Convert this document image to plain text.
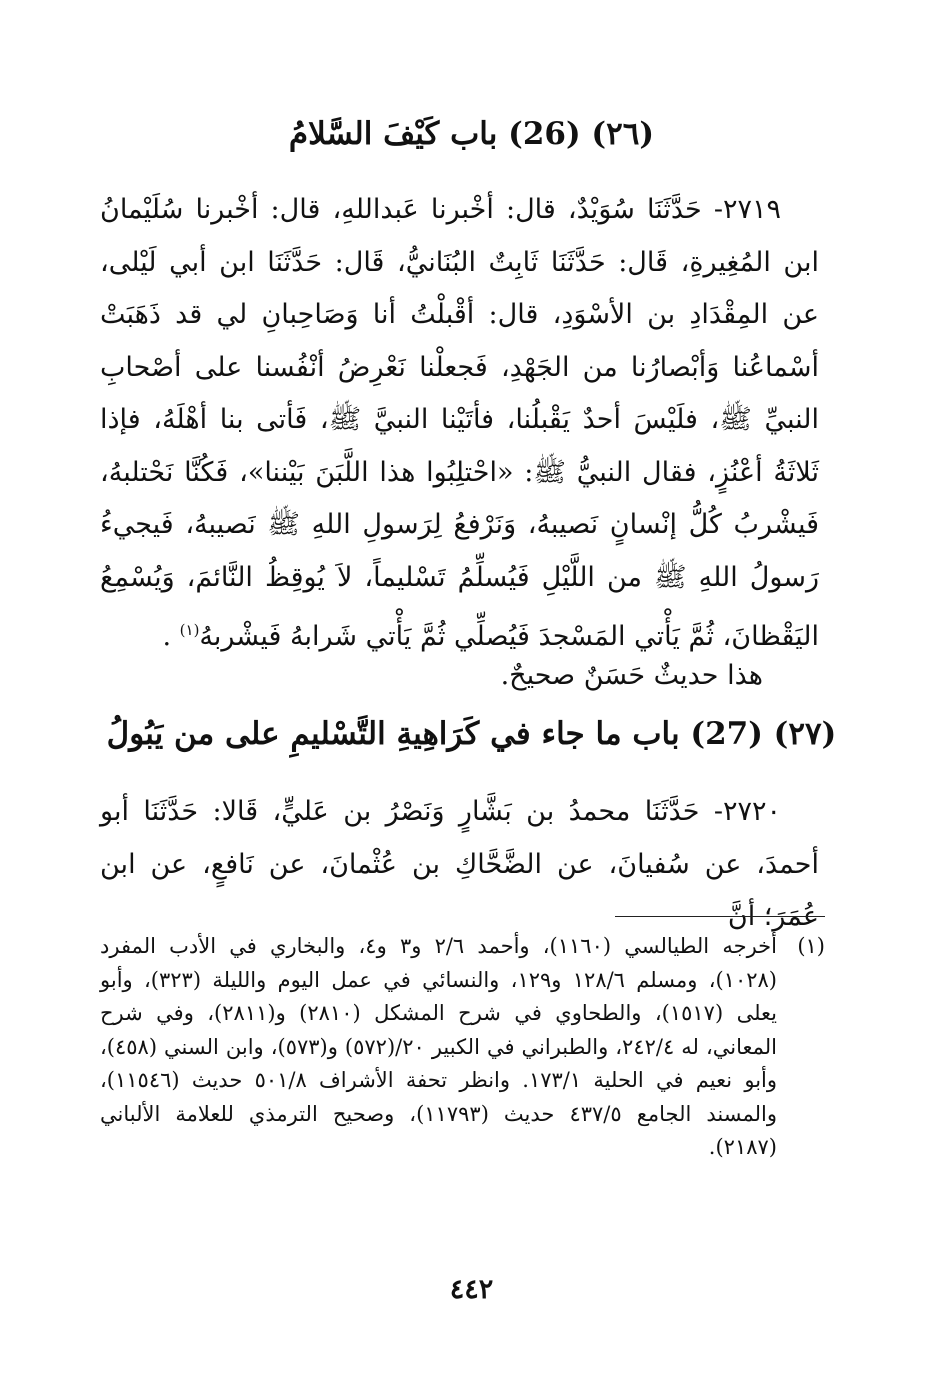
(٢٦) (26) باب كَيْفَ السَّلامُ
٢٧١٩- حَدَّثَنَا سُوَيْدٌ، قال: أخْبرنا عَبداللهِ، قال: أخْبرنا سُلَيْمانُ ابن المُغِيرةِ، قَال: حَدَّثَنَا ثَابِتٌ البُنَانيُّ، قَال: حَدَّثَنَا ابن أبي لَيْلى، عن المِقْدَادِ بن الأسْوَدِ، قال: أقْبلْتُ أنا وَصَاحِبانِ لي قد ذَهَبَتْ أسْماعُنا وَأبْصارُنا من الجَهْدِ، فَجعلْنا نَعْرِضُ أنْفُسنا على أصْحابِ النبيِّ ﷺ، فلَيْسَ أحدٌ يَقْبلُنا، فأتَيْنا النبيَّ ﷺ، فَأتى بنا أهْلَهُ، فإذا ثَلاثَةُ أعْنُزٍ، فقال النبيُّ ﷺ: «احْتلِبُوا هذا اللَّبَنَ بَيْننا»، فَكُنَّا نَحْتلبهُ، فَيشْربُ كُلُّ إنْسانٍ نَصيبهُ، وَنَرْفعُ لِرَسولِ اللهِ ﷺ نَصيبهُ، فَيجيءُ رَسولُ اللهِ ﷺ من اللَّيْلِ فَيُسلِّمُ تَسْليماً، لاَ يُوقِظُ النَّائمَ، وَيُسْمِعُ اليَقْظانَ، ثُمَّ يَأْتي المَسْجدَ فَيُصلِّي ثُمَّ يَأْتي شَرابهُ فَيشْربهُ$^{(١)}$ .
هذا حديثٌ حَسَنٌ صحيحٌ.
(٢٧) (27) باب ما جاء في كَرَاهِيةِ التَّسْليمِ على من يَبُولُ
٢٧٢٠- حَدَّثَنَا محمدُ بن بَشَّارٍ وَنَصْرُ بن عَليٍّ، قَالا: حَدَّثَنَا أبو أحمدَ، عن سُفيانَ، عن الضَّحَّاكِ بن عُثْمانَ، عن نَافعٍ، عن ابن عُمَرَ؛ أنَّ
(١)
أخرجه الطيالسي (١١٦٠)، وأحمد ٢/٦ و٣ و٤، والبخاري في الأدب المفرد (١٠٢٨)، ومسلم ١٢٨/٦ و١٢٩، والنسائي في عمل اليوم والليلة (٣٢٣)، وأبو يعلى (١٥١٧)، والطحاوي في شرح المشكل (٢٨١٠) و(٢٨١١)، وفي شرح المعاني، له ٢٤٢/٤، والطبراني في الكبير ٢٠/(٥٧٢) و(٥٧٣)، وابن السني (٤٥٨)، وأبو نعيم في الحلية ١٧٣/١. وانظر تحفة الأشراف ٥٠١/٨ حديث (١١٥٤٦)، والمسند الجامع ٤٣٧/٥ حديث (١١٧٩٣)، وصحيح الترمذي للعلامة الألباني (٢١٨٧).
٤٤٢
